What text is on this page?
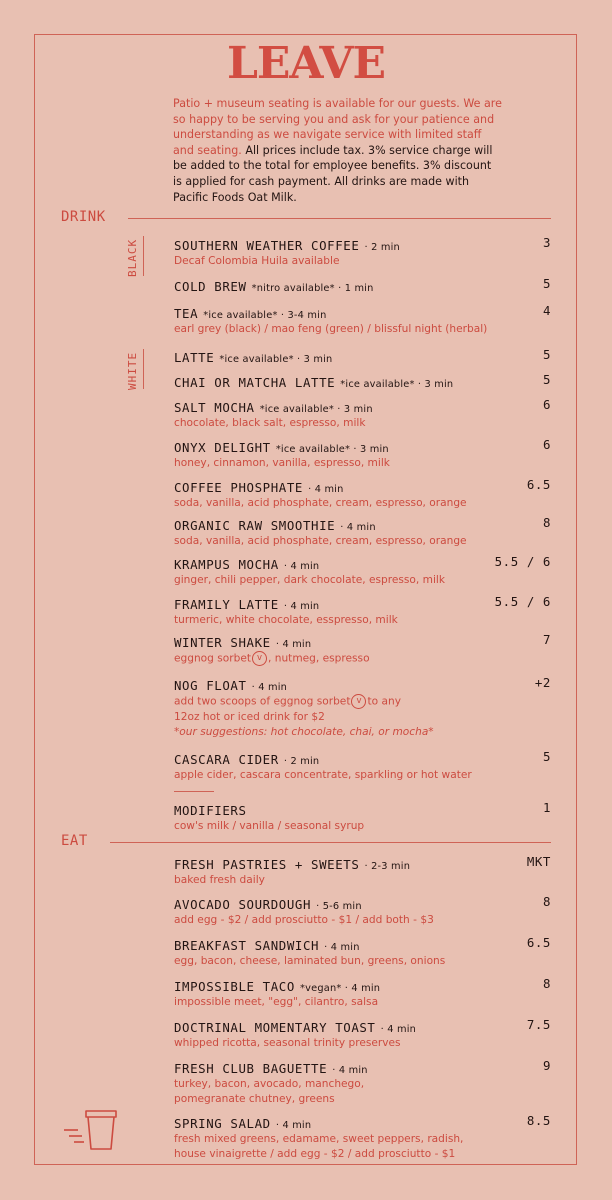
LEAVE
Patio + museum seating is available for our guests. We are so happy to be serving you and ask for your patience and understanding as we navigate service with limited staff and seating. All prices include tax. 3% service charge will be added to the total for employee benefits. 3% discount is applied for cash payment. All drinks are made with Pacific Foods Oat Milk.
DRINK
BLACK
WHITE
SOUTHERN WEATHER COFFEE · 2 min
Decaf Colombia Huila available
3
COLD BREW *nitro available* · 1 min	5
TEA *ice available* · 3-4 min
earl grey (black) / mao feng (green) / blissful night (herbal)
4
LATTE *ice available* · 3 min	5
CHAI OR MATCHA LATTE *ice available* · 3 min	5
SALT MOCHA *ice available* · 3 min
chocolate, black salt, espresso, milk
6
ONYX DELIGHT *ice available* · 3 min
honey, cinnamon, vanilla, espresso, milk
6
COFFEE PHOSPHATE · 4 min
soda, vanilla, acid phosphate, cream, espresso, orange
6.5
ORGANIC RAW SMOOTHIE · 4 min
soda, vanilla, acid phosphate, cream, espresso, orange
8
KRAMPUS MOCHA · 4 min
ginger, chili pepper, dark chocolate, espresso, milk
5.5 / 6
FRAMILY LATTE · 4 min
turmeric, white chocolate, esspresso, milk
5.5 / 6
WINTER SHAKE · 4 min
eggnog sorbet v , nutmeg, espresso
7
NOG FLOAT · 4 min
add two scoops of eggnog sorbet v to any
12oz hot or iced drink for $2
*our suggestions: hot chocolate, chai, or mocha*
+2
CASCARA CIDER · 2 min
apple cider, cascara concentrate, sparkling or hot water
5
MODIFIERS
cow's milk / vanilla / seasonal syrup
1
EAT
FRESH PASTRIES + SWEETS · 2-3 min
baked fresh daily
MKT
AVOCADO SOURDOUGH · 5-6 min
add egg - $2 / add prosciutto - $1 / add both - $3
8
BREAKFAST SANDWICH · 4 min
egg, bacon, cheese, laminated bun, greens, onions
6.5
IMPOSSIBLE TACO *vegan* · 4 min
impossible meet, "egg", cilantro, salsa
8
DOCTRINAL MOMENTARY TOAST · 4 min
whipped ricotta, seasonal trinity preserves
7.5
FRESH CLUB BAGUETTE · 4 min
turkey, bacon, avocado, manchego,
pomegranate chutney, greens
9
SPRING SALAD · 4 min
fresh mixed greens, edamame, sweet peppers, radish,
house vinaigrette / add egg - $2 / add prosciutto - $1
8.5
